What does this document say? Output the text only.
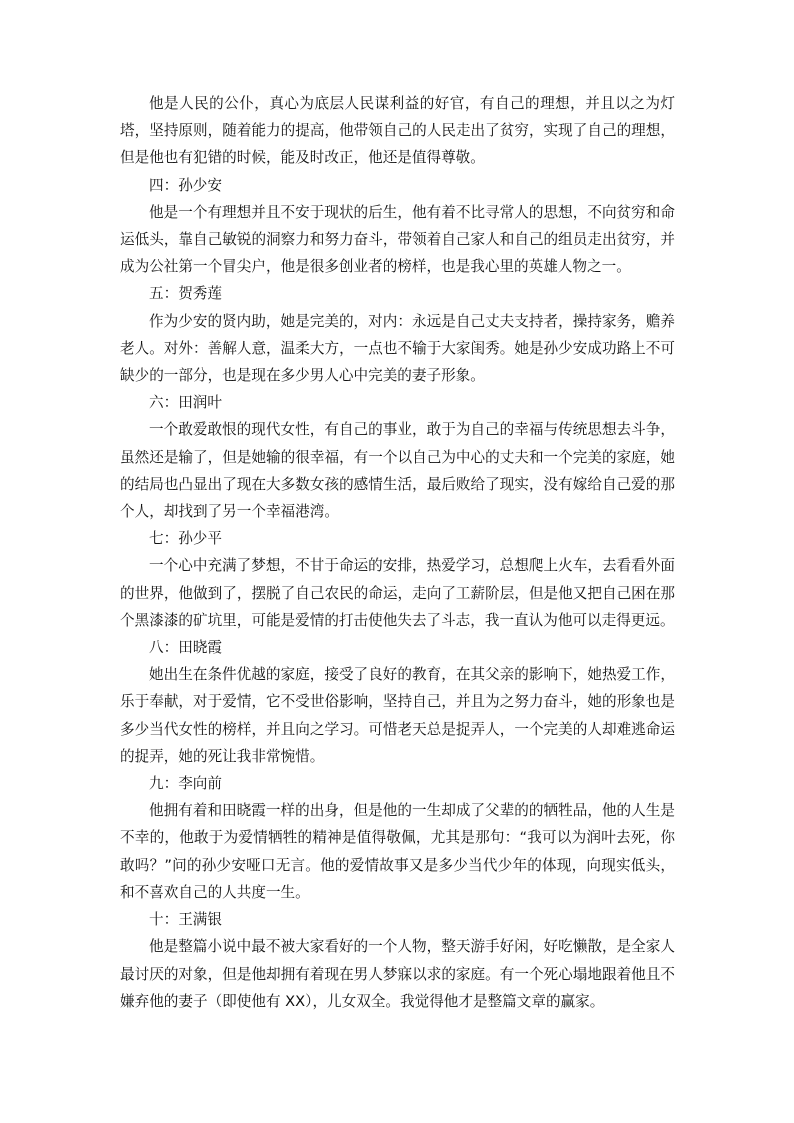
他是人民的公仆，真心为底层人民谋利益的好官，有自己的理想，并且以之为灯塔，坚持原则，随着能力的提高，他带领自己的人民走出了贫穷，实现了自己的理想，但是他也有犯错的时候，能及时改正，他还是值得尊敬。

四：孙少安

他是一个有理想并且不安于现状的后生，他有着不比寻常人的思想，不向贫穷和命运低头，靠自己敏锐的洞察力和努力奋斗，带领着自己家人和自己的组员走出贫穷，并成为公社第一个冒尖户，他是很多创业者的榜样，也是我心里的英雄人物之一。

五：贺秀莲

作为少安的贤内助，她是完美的，对内：永远是自己丈夫支持者，操持家务，赡养老人。对外：善解人意，温柔大方，一点也不输于大家闺秀。她是孙少安成功路上不可缺少的一部分，也是现在多少男人心中完美的妻子形象。

六：田润叶

一个敢爱敢恨的现代女性，有自己的事业，敢于为自己的幸福与传统思想去斗争，虽然还是输了，但是她输的很幸福，有一个以自己为中心的丈夫和一个完美的家庭，她的结局也凸显出了现在大多数女孩的感情生活，最后败给了现实，没有嫁给自己爱的那个人，却找到了另一个幸福港湾。

七：孙少平

一个心中充满了梦想，不甘于命运的安排，热爱学习，总想爬上火车，去看看外面的世界，他做到了，摆脱了自己农民的命运，走向了工薪阶层，但是他又把自己困在那个黑漆漆的矿坑里，可能是爱情的打击使他失去了斗志，我一直认为他可以走得更远。

八：田晓霞

她出生在条件优越的家庭，接受了良好的教育，在其父亲的影响下，她热爱工作，乐于奉献，对于爱情，它不受世俗影响，坚持自己，并且为之努力奋斗，她的形象也是多少当代女性的榜样，并且向之学习。可惜老天总是捉弄人，一个完美的人却难逃命运的捉弄，她的死让我非常惋惜。

九：李向前

他拥有着和田晓霞一样的出身，但是他的一生却成了父辈的的牺牲品，他的人生是不幸的，他敢于为爱情牺牲的精神是值得敬佩，尤其是那句：“我可以为润叶去死，你敢吗？”问的孙少安哑口无言。他的爱情故事又是多少当代少年的体现，向现实低头，和不喜欢自己的人共度一生。

十：王满银

他是整篇小说中最不被大家看好的一个人物，整天游手好闲，好吃懒散，是全家人最讨厌的对象，但是他却拥有着现在男人梦寐以求的家庭。有一个死心塌地跟着他且不嫌弃他的妻子（即使他有 XX），儿女双全。我觉得他才是整篇文章的赢家。
